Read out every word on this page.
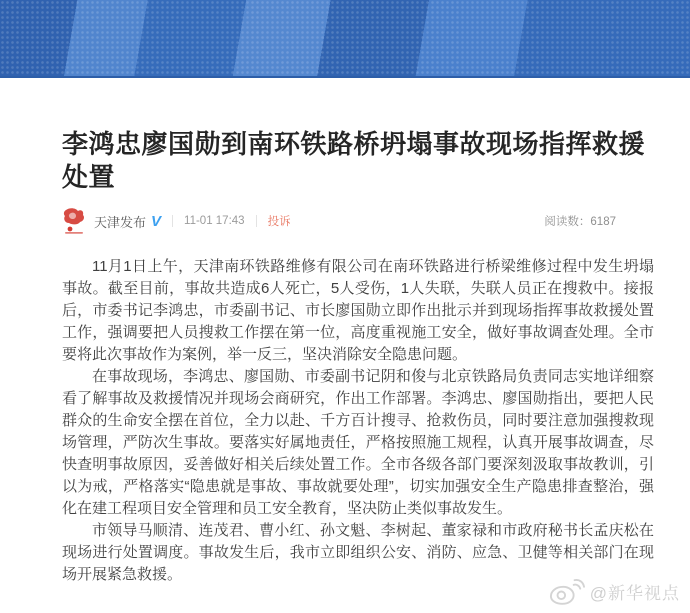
李鸿忠廖国勋到南环铁路桥坍塌事故现场指挥救援处置
天津发布 V 11-01 17:43 投诉	阅读数：6187

11月1日上午，天津南环铁路维修有限公司在南环铁路进行桥梁维修过程中发生坍塌事故。截至目前，事故共造成6人死亡，5人受伤，1人失联，失联人员正在搜救中。接报后，市委书记李鸿忠，市委副书记、市长廖国勋立即作出批示并到现场指挥事故救援处置工作，强调要把人员搜救工作摆在第一位，高度重视施工安全，做好事故调查处理。全市要将此次事故作为案例，举一反三，坚决消除安全隐患问题。

在事故现场，李鸿忠、廖国勋、市委副书记阴和俊与北京铁路局负责同志实地详细察看了解事故及救援情况并现场会商研究，作出工作部署。李鸿忠、廖国勋指出，要把人民群众的生命安全摆在首位，全力以赴、千方百计搜寻、抢救伤员，同时要注意加强搜救现场管理，严防次生事故。要落实好属地责任，严格按照施工规程，认真开展事故调查，尽快查明事故原因，妥善做好相关后续处置工作。全市各级各部门要深刻汲取事故教训，引以为戒，严格落实“隐患就是事故、事故就要处理”，切实加强安全生产隐患排查整治，强化在建工程项目安全管理和员工安全教育，坚决防止类似事故发生。

市领导马顺清、连茂君、曹小红、孙文魁、李树起、董家禄和市政府秘书长孟庆松在现场进行处置调度。事故发生后，我市立即组织公安、消防、应急、卫健等相关部门在现场开展紧急救援。

@新华视点
